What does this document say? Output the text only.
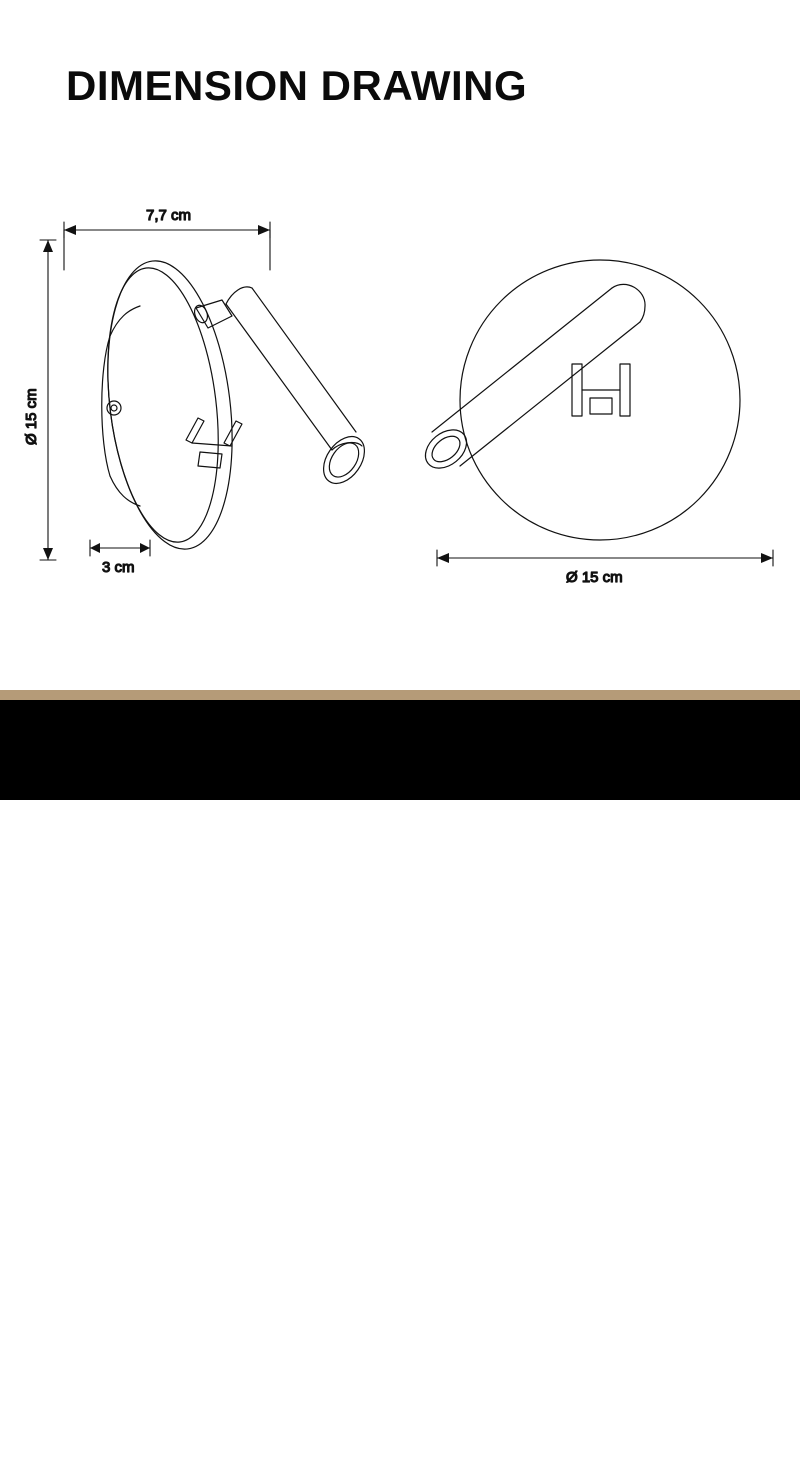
DIMENSION DRAWING
7,7 cm
Ø 15 cm
3 cm
Ø 15 cm
2 YEAR
WARRANTY	Olucia
